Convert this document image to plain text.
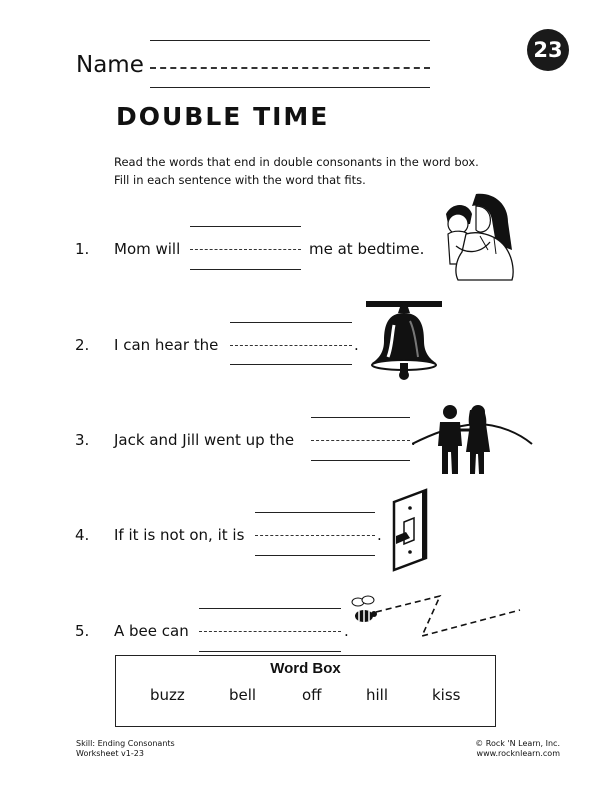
23
Name
DOUBLE TIME
Read the words that end in double consonants in the word box.
Fill in each sentence with the word that fits.
1. Mom will	me at bedtime.
2. I can hear the	.
3. Jack and Jill went up the	.
4. If it is not on, it is	.
5. A bee can	.
Word Box
buzz	bell	off	hill	kiss
Skill: Ending Consonants
Worksheet v1-23
© Rock 'N Learn, Inc.
www.rocknlearn.com
